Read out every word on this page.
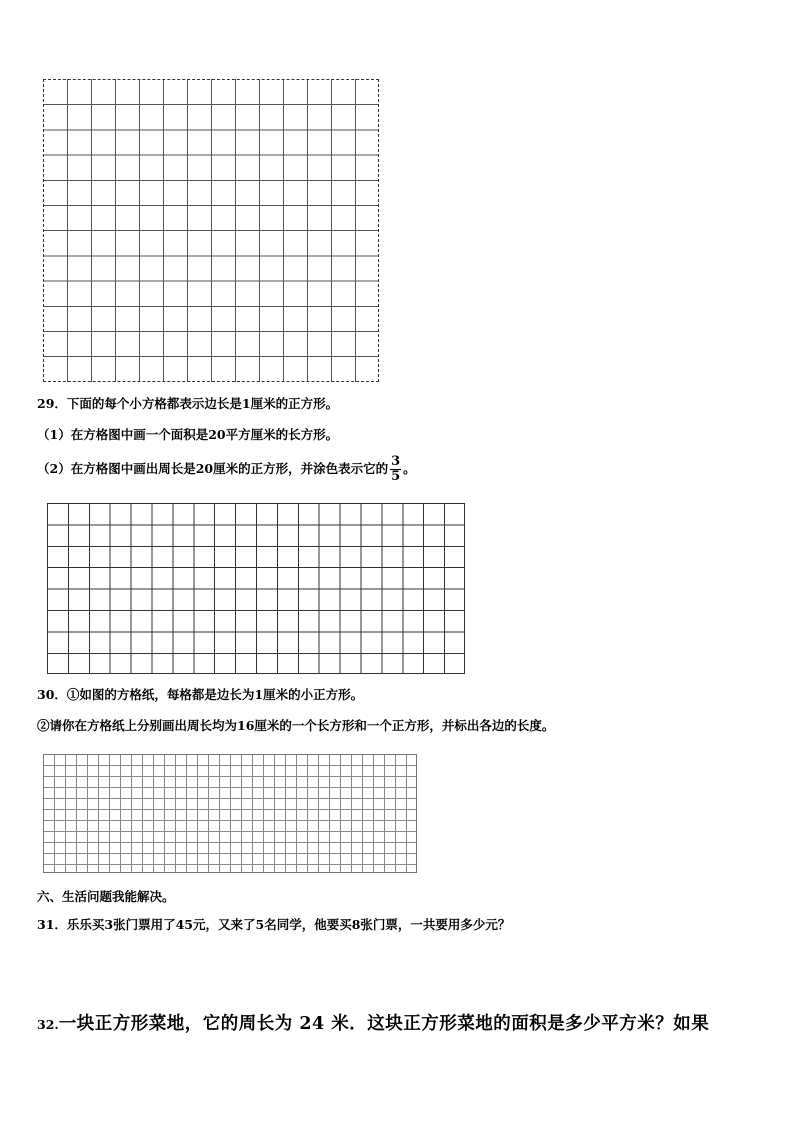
29．下面的每个小方格都表示边长是1厘米的正方形。
（1）在方格图中画一个面积是20平方厘米的长方形。
（2）在方格图中画出周长是20厘米的正方形，并涂色表示它的 $\frac{3}{5}$ 。
30．①如图的方格纸，每格都是边长为1厘米的小正方形。
②请你在方格纸上分别画出周长均为16厘米的一个长方形和一个正方形，并标出各边的长度。
六、生活问题我能解决。
31．乐乐买3张门票用了45元，又来了5名同学，他要买8张门票，一共要用多少元？
32.一块正方形菜地，它的周长为 24 米．这块正方形菜地的面积是多少平方米？如果
